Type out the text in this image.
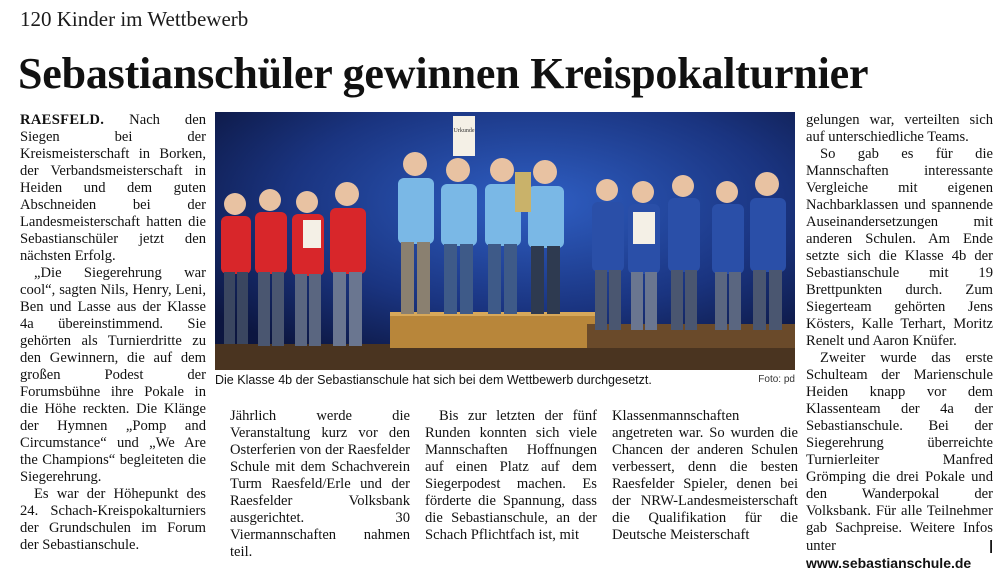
120 Kinder im Wettbewerb
Sebastianschüler gewinnen Kreispokalturnier

RAESFELD. Nach den Siegen bei der Kreismeisterschaft in Borken, der Verbandsmeisterschaft in Heiden und dem guten Abschneiden bei der Landesmeisterschaft hatten die Sebastianschüler jetzt den nächsten Erfolg.

„Die Siegerehrung war cool“, sagten Nils, Henry, Leni, Ben und Lasse aus der Klasse 4a übereinstimmend. Sie gehörten als Turnierdritte zu den Gewinnern, die auf dem großen Podest der Forumsbühne ihre Pokale in die Höhe reckten. Die Klänge der Hymnen „Pomp and Circumstance“ und „We Are the Champions“ begleiteten die Siegerehrung.

Es war der Höhepunkt des 24. Schach-Kreispokalturniers der Grundschulen im Forum der Sebastianschule.

Urkunde
Die Klasse 4b der Sebastianschule hat sich bei dem Wettbewerb durchgesetzt.	Foto: pd

Jährlich werde die Veranstaltung kurz vor den Osterferien von der Raesfelder Schule mit dem Schachverein Turm Raesfeld/Erle und der Raesfelder Volksbank ausgerichtet. 30 Viermannschaften nahmen teil.

Bis zur letzten der fünf Runden konnten sich viele Mannschaften Hoffnungen auf einen Platz auf dem Siegerpodest machen. Es förderte die Spannung, dass die Sebastianschule, an der Schach Pflichtfach ist, mit

Klassenmannschaften angetreten war. So wurden die Chancen der anderen Schulen verbessert, denn die besten Raesfelder Spieler, denen bei der NRW-Landesmeisterschaft die Qualifikation für die Deutsche Meisterschaft

gelungen war, verteilten sich auf unterschiedliche Teams.

So gab es für die Mannschaften interessante Vergleiche mit eigenen Nachbarklassen und spannende Auseinandersetzungen mit anderen Schulen. Am Ende setzte sich die Klasse 4b der Sebastianschule mit 19 Brettpunkten durch. Zum Siegerteam gehörten Jens Kösters, Kalle Terhart, Moritz Renelt und Aaron Knüfer.

Zweiter wurde das erste Schulteam der Marienschule Heiden knapp vor dem Klassenteam der 4a der Sebastianschule. Bei der Siegerehrung überreichte Turnierleiter Manfred Grömping die drei Pokale und den Wanderpokal der Volksbank. Für alle Teilnehmer gab Sachpreise. Weitere Infos unter	| www.sebastianschule.de
